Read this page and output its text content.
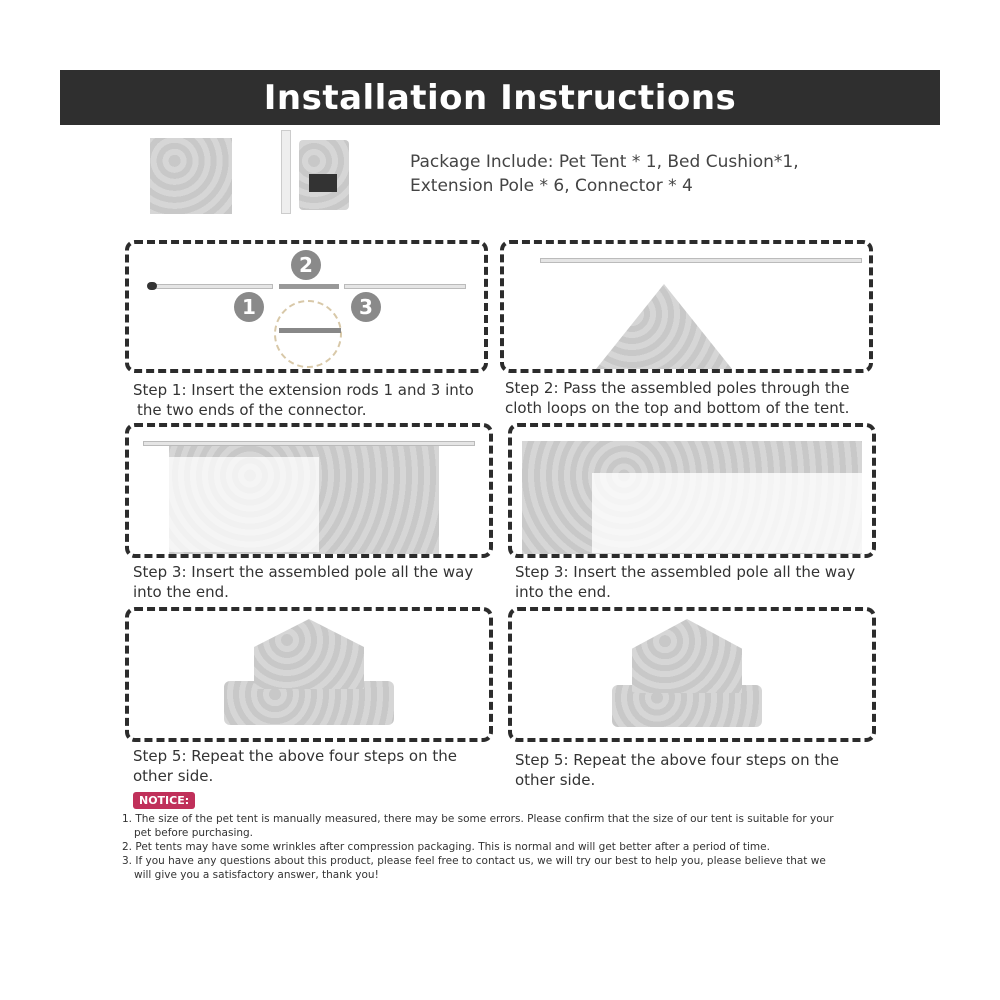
Installation Instructions
Package Include: Pet Tent * 1, Bed Cushion*1,
Extension Pole * 6, Connector * 4
2
1	3
Step 1: Insert the extension rods 1 and 3 into
the two ends of the connector.
Step 2: Pass the assembled poles through the
cloth loops on the top and bottom of the tent.
Step 3: Insert the assembled pole all the way
into the end.
Step 3: Insert the assembled pole all the way
into the end.
Step 5: Repeat the above four steps on the
other side.
Step 5: Repeat the above four steps on the
other side.
NOTICE:
1. The size of the pet tent is manually measured, there may be some errors. Please confirm that the size of our tent is suitable for your
pet before purchasing.
2. Pet tents may have some wrinkles after compression packaging. This is normal and will get better after a period of time.
3. If you have any questions about this product, please feel free to contact us, we will try our best to help you, please believe that we
will give you a satisfactory answer, thank you!
